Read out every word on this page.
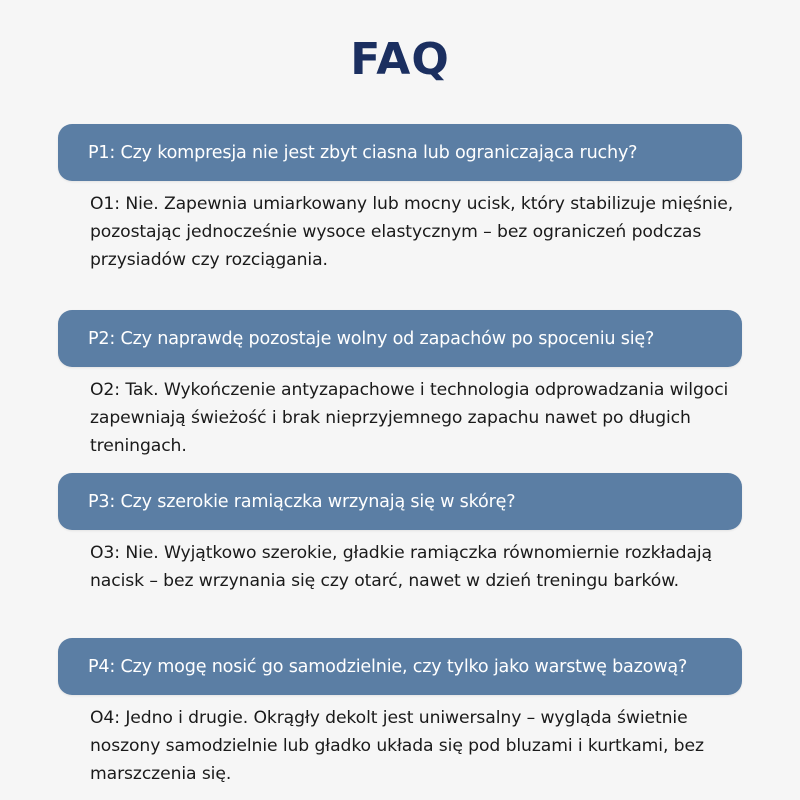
FAQ
P1: Czy kompresja nie jest zbyt ciasna lub ograniczająca ruchy?
O1: Nie. Zapewnia umiarkowany lub mocny ucisk, który stabilizuje mięśnie, pozostając jednocześnie wysoce elastycznym – bez ograniczeń podczas przysiadów czy rozciągania.
P2: Czy naprawdę pozostaje wolny od zapachów po spoceniu się?
O2: Tak. Wykończenie antyzapachowe i technologia odprowadzania wilgoci zapewniają świeżość i brak nieprzyjemnego zapachu nawet po długich treningach.
P3: Czy szerokie ramiączka wrzynają się w skórę?
O3: Nie. Wyjątkowo szerokie, gładkie ramiączka równomiernie rozkładają nacisk – bez wrzynania się czy otarć, nawet w dzień treningu barków.
P4: Czy mogę nosić go samodzielnie, czy tylko jako warstwę bazową?
O4: Jedno i drugie. Okrągły dekolt jest uniwersalny – wygląda świetnie noszony samodzielnie lub gładko układa się pod bluzami i kurtkami, bez marszczenia się.
